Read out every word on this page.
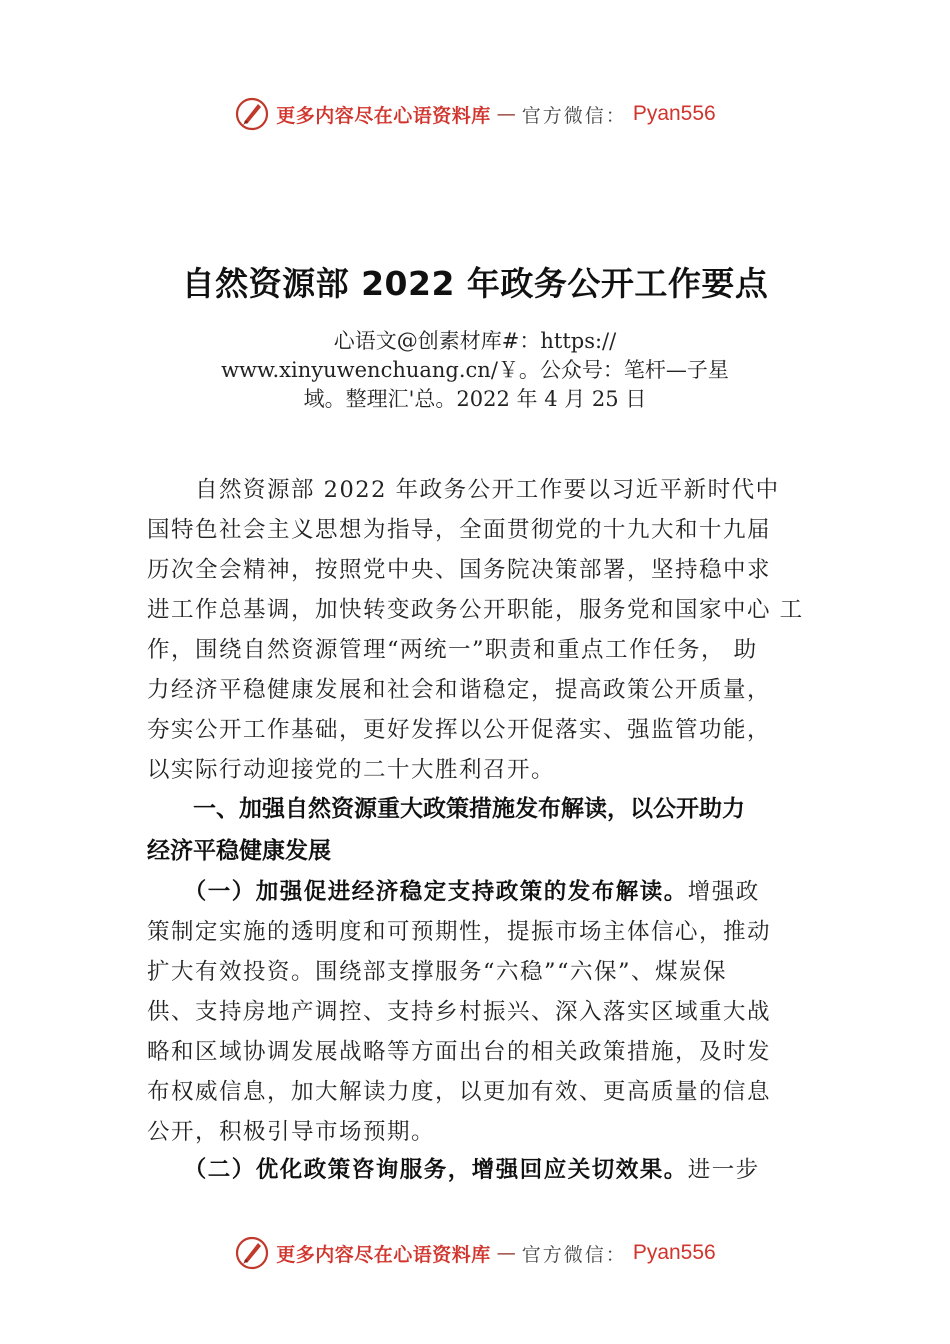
更多内容尽在心语资料库 — 官方微信： Pyan556
自然资源部 2022 年政务公开工作要点
心语文@创素材库#：https://
www.xinyuwenchuang.cn/￥。公众号：笔杆—子星
域。整理汇'总。2022 年 4 月 25 日
　　自然资源部 2022 年政务公开工作要以习近平新时代中
国特色社会主义思想为指导，全面贯彻党的十九大和十九届
历次全会精神，按照党中央、国务院决策部署，坚持稳中求
进工作总基调，加快转变政务公开职能，服务党和国家中心 工
作，围绕自然资源管理“两统一”职责和重点工作任务， 助
力经济平稳健康发展和社会和谐稳定，提高政策公开质量，
夯实公开工作基础，更好发挥以公开促落实、强监管功能，
以实际行动迎接党的二十大胜利召开。
　　一、加强自然资源重大政策措施发布解读，以公开助力
经济平稳健康发展
　　（一）加强促进经济稳定支持政策的发布解读。增强政
策制定实施的透明度和可预期性，提振市场主体信心，推动
扩大有效投资。围绕部支撑服务“六稳”“六保”、煤炭保
供、支持房地产调控、支持乡村振兴、深入落实区域重大战
略和区域协调发展战略等方面出台的相关政策措施，及时发
布权威信息，加大解读力度，以更加有效、更高质量的信息
公开，积极引导市场预期。
　　（二）优化政策咨询服务，增强回应关切效果。进一步
更多内容尽在心语资料库 — 官方微信： Pyan556
